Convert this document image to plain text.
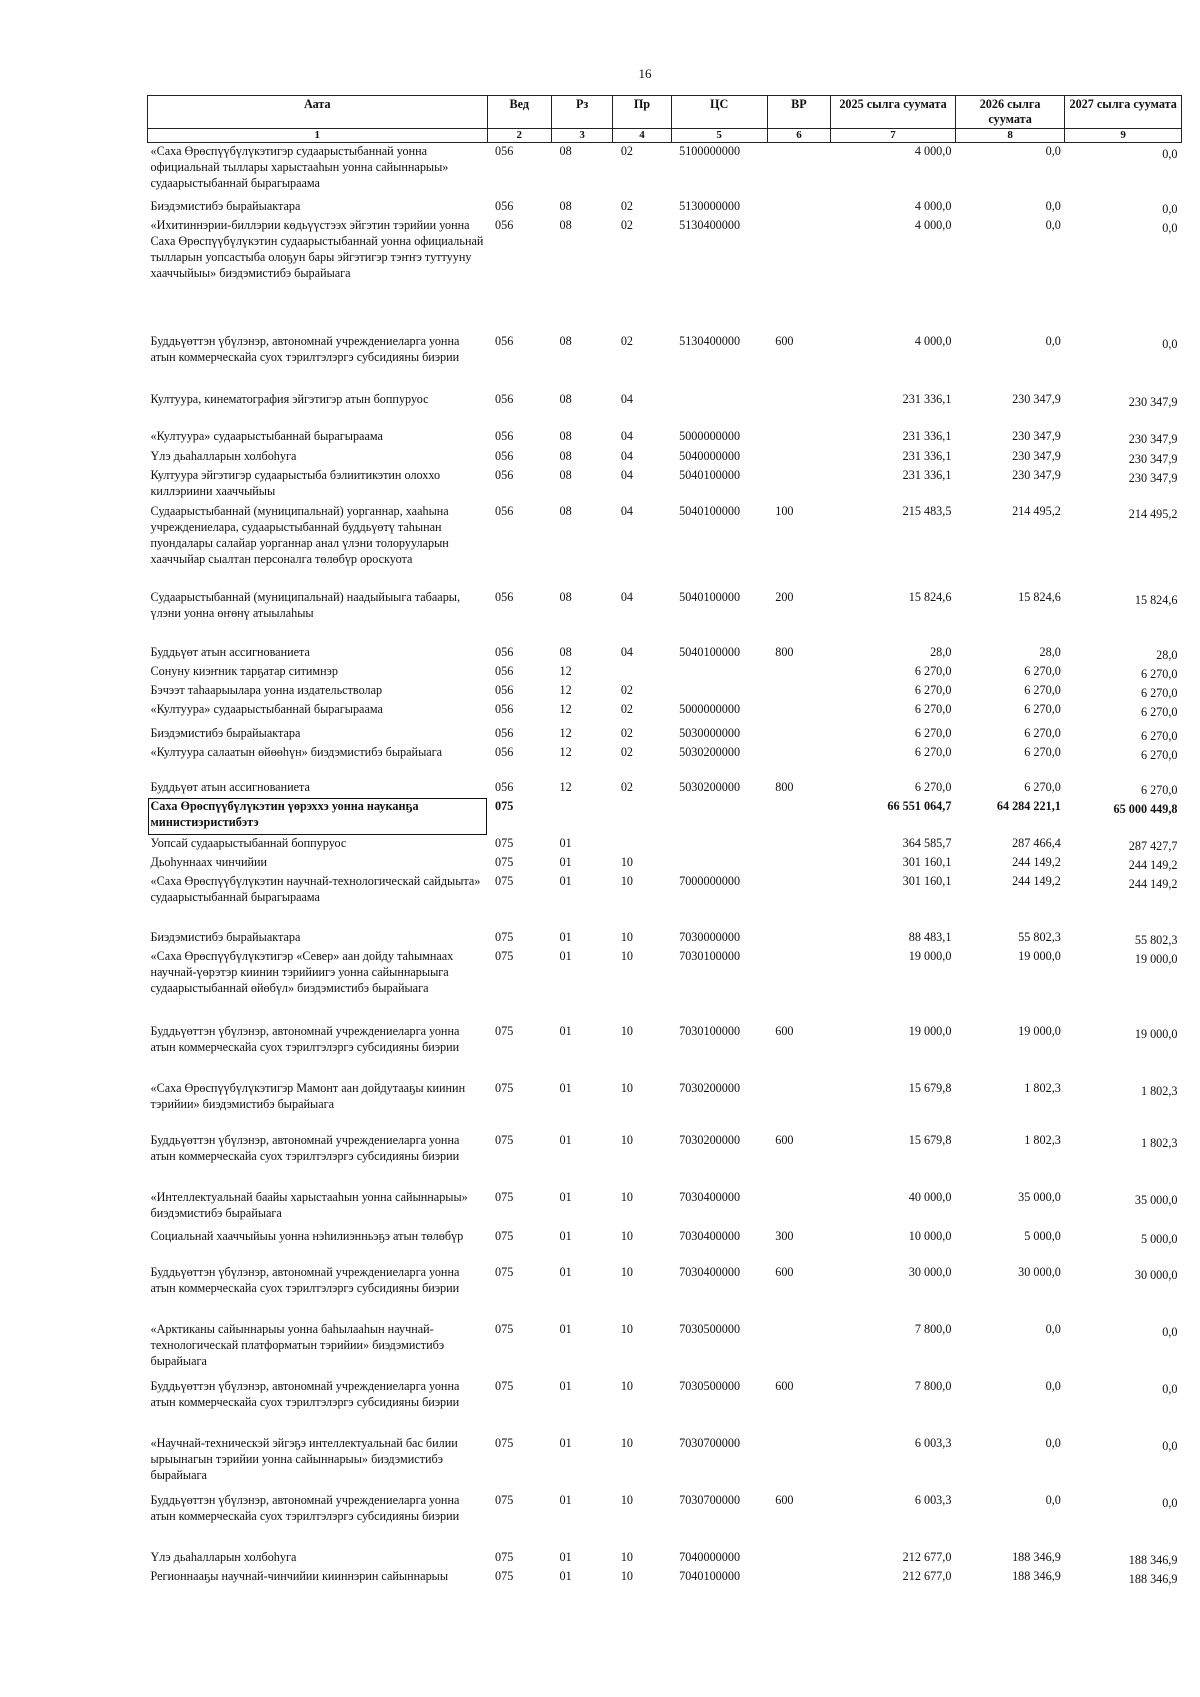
16
Аата	Вед	Рз	Пр	ЦС	ВР	2025 сылга суумата	2026 сылга суумата	2027 сылга суумата
1	2	3	4	5	6	7	8	9
«Саха Өрөспүүбүлүкэтигэр судаарыстыбаннай уонна официальнай тыллары харыстааһын уонна сайыннарыы» судаарыстыбаннай бырагыраама	056	08	02	5100000000		4 000,0	0,0	0,0
Биэдэмистибэ бырайыактара	056	08	02	5130000000		4 000,0	0,0	0,0
«Ихитиннэрии-биллэрии көдьүүстээх эйгэтин тэрийии уонна Саха Өрөспүүбүлүкэтин судаарыстыбаннай уонна официальнай тылларын уопсастыба олоҕун бары эйгэтигэр тэҥҥэ туттууну хааччыйыы» биэдэмистибэ бырайыага	056	08	02	5130400000		4 000,0	0,0	0,0
Буддьүөттэн үбүлэнэр, автономнай учреждениеларга уонна атын коммерческайа суох тэрилтэлэргэ субсидияны биэрии	056	08	02	5130400000	600	4 000,0	0,0	0,0
Култуура, кинематография эйгэтигэр атын боппуруос	056	08	04			231 336,1	230 347,9	230 347,9
«Култуура» судаарыстыбаннай бырагыраама	056	08	04	5000000000		231 336,1	230 347,9	230 347,9
Үлэ дьаһалларын холбоһуга	056	08	04	5040000000		231 336,1	230 347,9	230 347,9
Култуура эйгэтигэр судаарыстыба бэлиитикэтин олоххо киллэриини хааччыйыы	056	08	04	5040100000		231 336,1	230 347,9	230 347,9
Судаарыстыбаннай (муниципальнай) уорганнар, хааһына учреждениелара, судаарыстыбаннай буддьүөтү таһынан пуондалары салайар уорганнар анал үлэни толорууларын хааччыйар сыалтан персоналга төлөбүр ороскуота	056	08	04	5040100000	100	215 483,5	214 495,2	214 495,2
Судаарыстыбаннай (муниципальнай) наадыйыыга табаары, үлэни уонна өҥөнү атыылаһыы	056	08	04	5040100000	200	15 824,6	15 824,6	15 824,6
Буддьүөт атын ассигнованиета	056	08	04	5040100000	800	28,0	28,0	28,0
Сонуну киэҥник тарҕатар ситимнэр	056	12				6 270,0	6 270,0	6 270,0
Бэчээт таһаарыылара уонна издательстволар	056	12	02			6 270,0	6 270,0	6 270,0
«Култуура» судаарыстыбаннай бырагыраама	056	12	02	5000000000		6 270,0	6 270,0	6 270,0
Биэдэмистибэ бырайыактара	056	12	02	5030000000		6 270,0	6 270,0	6 270,0
«Култуура салаатын өйөөһүн» биэдэмистибэ бырайыага	056	12	02	5030200000		6 270,0	6 270,0	6 270,0
Буддьүөт атын ассигнованиета	056	12	02	5030200000	800	6 270,0	6 270,0	6 270,0
Саха Өрөспүүбүлүкэтин үөрэххэ уонна науканҕа министиэристибэтэ	075					66 551 064,7	64 284 221,1	65 000 449,8
Уопсай судаарыстыбаннай боппуруос	075	01				364 585,7	287 466,4	287 427,7
Дьоһуннаах чинчийии	075	01	10			301 160,1	244 149,2	244 149,2
«Саха Өрөспүүбүлүкэтин научнай-технологическай сайдыыта» судаарыстыбаннай бырагыраама	075	01	10	7000000000		301 160,1	244 149,2	244 149,2
Биэдэмистибэ бырайыактара	075	01	10	7030000000		88 483,1	55 802,3	55 802,3
«Саха Өрөспүүбүлүкэтигэр «Север» аан дойду таһымнаах научнай-үөрэтэр киинин тэрийиигэ уонна сайыннарыыга судаарыстыбаннай өйөбүл» биэдэмистибэ бырайыага	075	01	10	7030100000		19 000,0	19 000,0	19 000,0
Буддьүөттэн үбүлэнэр, автономнай учреждениеларга уонна атын коммерческайа суох тэрилтэлэргэ субсидияны биэрии	075	01	10	7030100000	600	19 000,0	19 000,0	19 000,0
«Саха Өрөспүүбүлүкэтигэр Мамонт аан дойдутааҕы киинин тэрийии» биэдэмистибэ бырайыага	075	01	10	7030200000		15 679,8	1 802,3	1 802,3
Буддьүөттэн үбүлэнэр, автономнай учреждениеларга уонна атын коммерческайа суох тэрилтэлэргэ субсидияны биэрии	075	01	10	7030200000	600	15 679,8	1 802,3	1 802,3
«Интеллектуальнай баайы харыстааһын уонна сайыннарыы» биэдэмистибэ бырайыага	075	01	10	7030400000		40 000,0	35 000,0	35 000,0
Социальнай хааччыйыы уонна нэһилиэнньэҕэ атын төлөбүр	075	01	10	7030400000	300	10 000,0	5 000,0	5 000,0
Буддьүөттэн үбүлэнэр, автономнай учреждениеларга уонна атын коммерческайа суох тэрилтэлэргэ субсидияны биэрии	075	01	10	7030400000	600	30 000,0	30 000,0	30 000,0
«Арктиканы сайыннарыы уонна баһылааһын научнай-технологическай платформатын тэрийии» биэдэмистибэ бырайыага	075	01	10	7030500000		7 800,0	0,0	0,0
Буддьүөттэн үбүлэнэр, автономнай учреждениеларга уонна атын коммерческайа суох тэрилтэлэргэ субсидияны биэрии	075	01	10	7030500000	600	7 800,0	0,0	0,0
«Научнай-техническэй эйгэҕэ интеллектуальнай бас билии ырыынагын тэрийии уонна сайыннарыы» биэдэмистибэ бырайыага	075	01	10	7030700000		6 003,3	0,0	0,0
Буддьүөттэн үбүлэнэр, автономнай учреждениеларга уонна атын коммерческайа суох тэрилтэлэргэ субсидияны биэрии	075	01	10	7030700000	600	6 003,3	0,0	0,0
Үлэ дьаһалларын холбоһуга	075	01	10	7040000000		212 677,0	188 346,9	188 346,9
Регионнааҕы научнай-чинчийии кииннэрин сайыннарыы	075	01	10	7040100000		212 677,0	188 346,9	188 346,9
